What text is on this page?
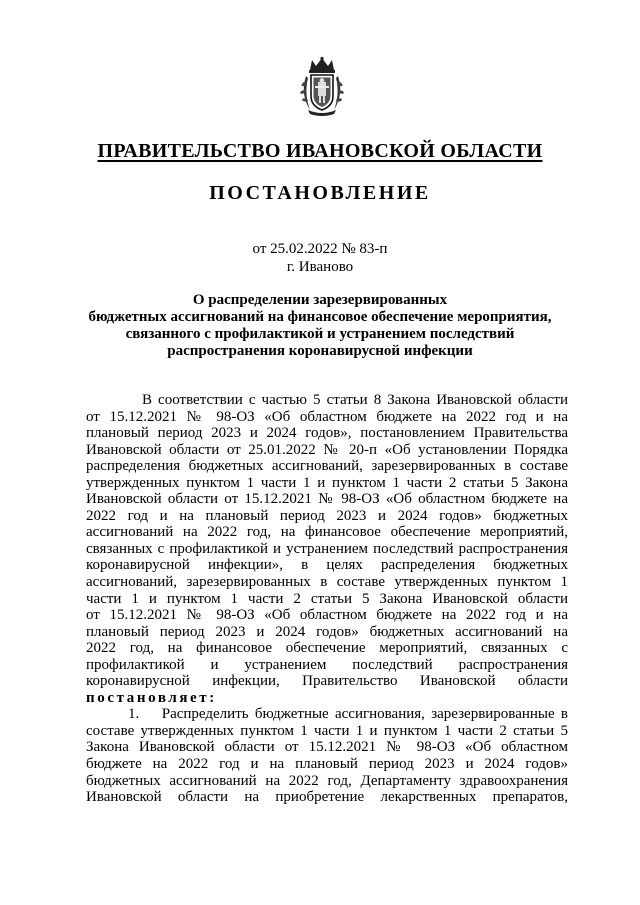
ПРАВИТЕЛЬСТВО ИВАНОВСКОЙ ОБЛАСТИ
ПОСТАНОВЛЕНИЕ
от 25.02.2022 № 83-п
г. Иваново
О распределении зарезервированных
бюджетных ассигнований на финансовое обеспечение мероприятия,
связанного с профилактикой и устранением последствий
распространения коронавирусной инфекции
В соответствии с частью 5 статьи 8 Закона Ивановской области
от 15.12.2021 № 98-ОЗ «Об областном бюджете на 2022 год и на
плановый период 2023 и 2024 годов», постановлением Правительства
Ивановской области от 25.01.2022 № 20-п «Об установлении Порядка
распределения бюджетных ассигнований, зарезервированных в составе
утвержденных пунктом 1 части 1 и пунктом 1 части 2 статьи 5 Закона
Ивановской области от 15.12.2021 № 98-ОЗ «Об областном бюджете на
2022 год и на плановый период 2023 и 2024 годов» бюджетных
ассигнований на 2022 год, на финансовое обеспечение мероприятий,
связанных с профилактикой и устранением последствий распространения
коронавирусной инфекции», в целях распределения бюджетных
ассигнований, зарезервированных в составе утвержденных пунктом 1
части 1 и пунктом 1 части 2 статьи 5 Закона Ивановской области
от 15.12.2021 № 98-ОЗ «Об областном бюджете на 2022 год и на
плановый период 2023 и 2024 годов» бюджетных ассигнований на
2022 год, на финансовое обеспечение мероприятий, связанных с
профилактикой и устранением последствий распространения
коронавирусной инфекции, Правительство Ивановской области
постановляет:
1.  Распределить бюджетные ассигнования, зарезервированные в
составе утвержденных пунктом 1 части 1 и пунктом 1 части 2 статьи 5
Закона Ивановской области от 15.12.2021 № 98-ОЗ «Об областном
бюджете на 2022 год и на плановый период 2023 и 2024 годов»
бюджетных ассигнований на 2022 год, Департаменту здравоохранения
Ивановской области на приобретение лекарственных препаратов,
